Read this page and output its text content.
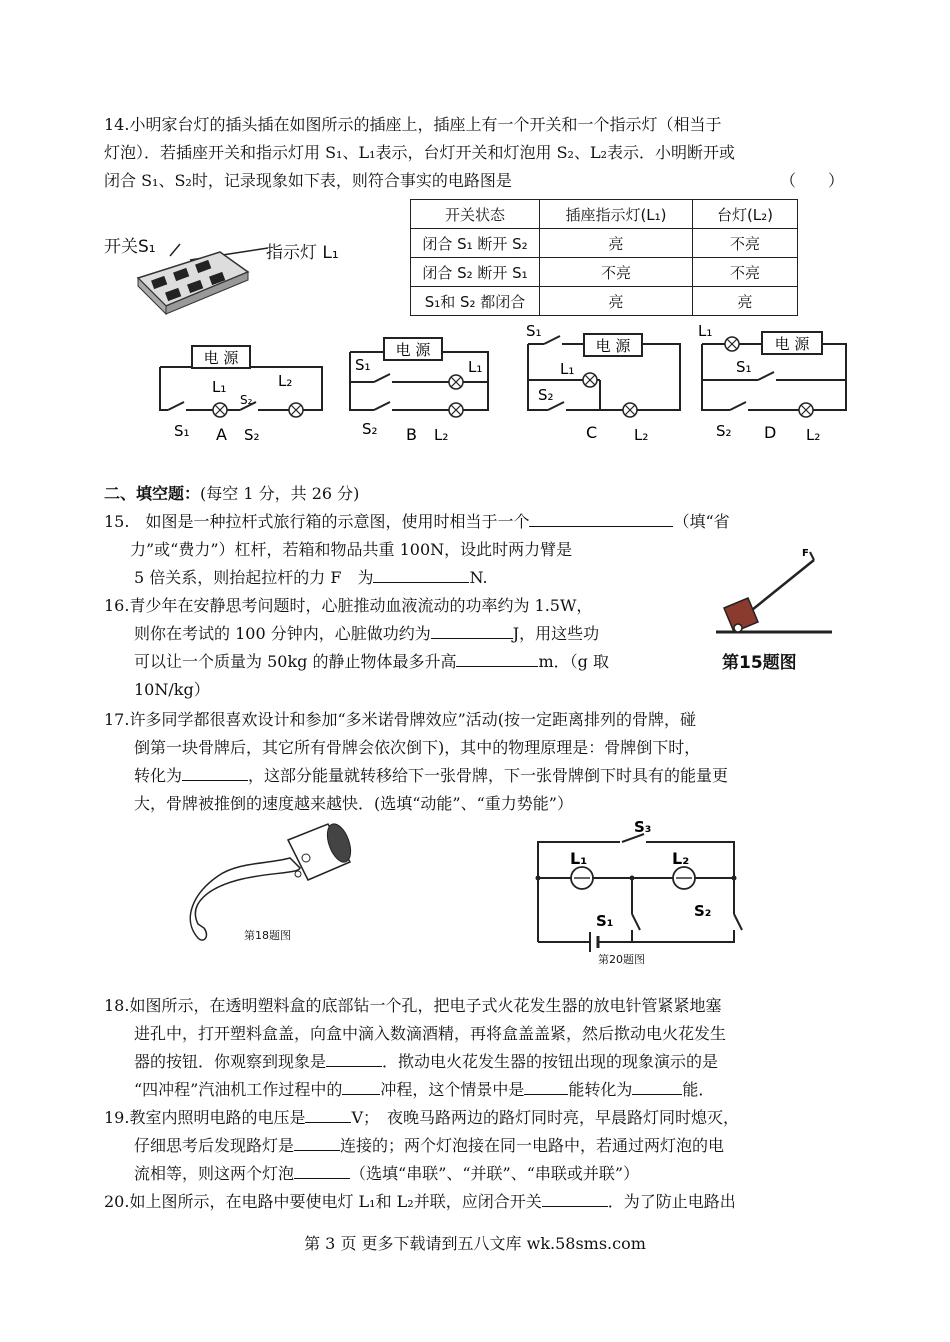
14.小明家台灯的插头插在如图所示的插座上，插座上有一个开关和一个指示灯（相当于
灯泡）．若插座开关和指示灯用 S₁、L₁表示，台灯开关和灯泡用 S₂、L₂表示．小明断开或
闭合 S₁、S₂时，记录现象如下表，则符合事实的电路图是	（　　）
开关S₁	指示灯 L₁
开关状态	插座指示灯(L₁)	台灯(L₂)
闭合 S₁ 断开 S₂	亮	不亮
闭合 S₂ 断开 S₁	不亮	不亮
S₁和 S₂ 都闭合	亮	亮
电 源
L₁
S₂
L₂
S₁ A S₂
电 源
S₁	L₁
S₂ B L₂
电 源
S₁
L₁
S₂
C L₂
电 源
L₁
S₁
S₂ D L₂
二、填空题：(每空 1 分，共 26 分)
15.　如图是一种拉杆式旅行箱的示意图，使用时相当于一个	（填“省
力”或“费力”）杠杆，若箱和物品共重 100N，设此时两力臂是
5 倍关系，则抬起拉杆的力 F　为	N.
F
第15题图
16.青少年在安静思考问题时，心脏推动血液流动的功率约为 1.5W，
则你在考试的 100 分钟内，心脏做功约为	J，用这些功
可以让一个质量为 50kg 的静止物体最多升高	m．（g 取
10N/kg）
17.许多同学都很喜欢设计和参加“多米诺骨牌效应”活动(按一定距离排列的骨牌，碰
倒第一块骨牌后，其它所有骨牌会依次倒下)，其中的物理原理是：骨牌倒下时，
转化为	，这部分能量就转移给下一张骨牌，下一张骨牌倒下时具有的能量更
大，骨牌被推倒的速度越来越快．(选填“动能”、“重力势能”）
第18题图
S₃
L₁	L₂
S₁
S₂
第20题图
18.如图所示，在透明塑料盒的底部钻一个孔，把电子式火花发生器的放电针管紧紧地塞
进孔中，打开塑料盒盖，向盒中滴入数滴酒精，再将盒盖盖紧，然后揿动电火花发生
器的按钮．你观察到现象是	．揿动电火花发生器的按钮出现的现象演示的是
“四冲程”汽油机工作过程中的 冲程，这个情景中是	能转化为	能．
19.教室内照明电路的电压是	V；　夜晚马路两边的路灯同时亮，早晨路灯同时熄灭，
仔细思考后发现路灯是	连接的；两个灯泡接在同一电路中，若通过两灯泡的电
流相等，则这两个灯泡	（选填“串联”、“并联”、“串联或并联”）
20.如上图所示，在电路中要使电灯 L₁和 L₂并联，应闭合开关	．为了防止电路出
第 3 页 更多下载请到五八文库 wk.58sms.com
